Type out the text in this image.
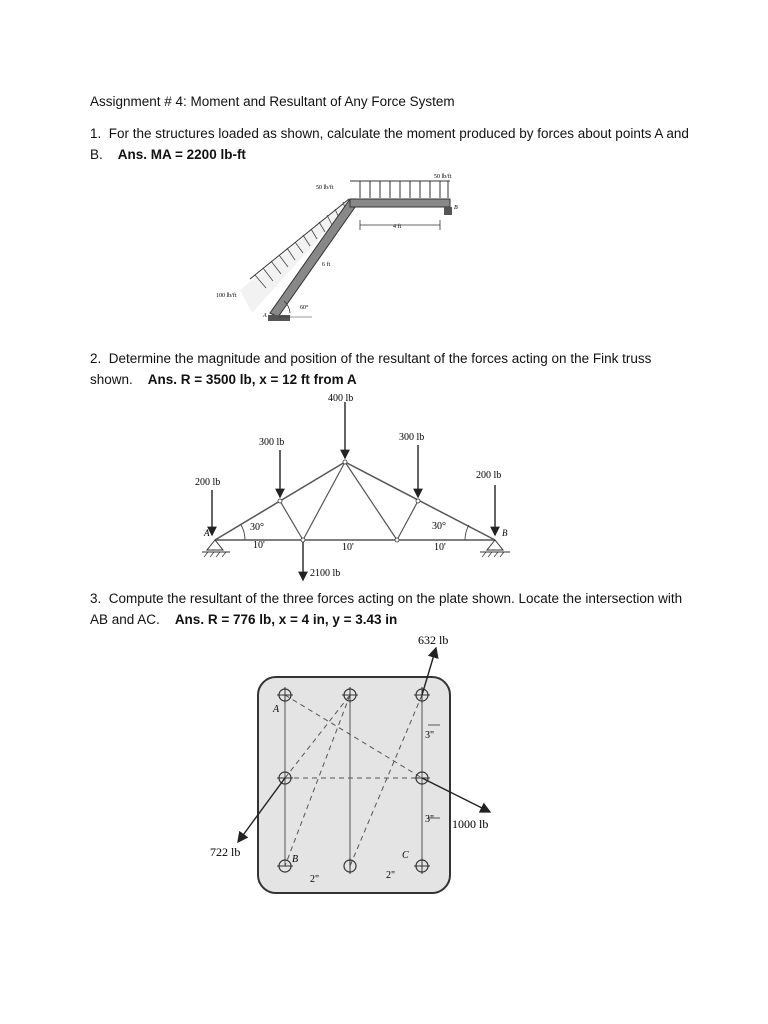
Assignment # 4: Moment and Resultant of Any Force System
1. For the structures loaded as shown, calculate the moment produced by forces about points A and B. Ans. MA = 2200 lb-ft
50 lb/ft
50 lb/ft
100 lb/ft
4 ft
6 ft
60°
A
B
2. Determine the magnitude and position of the resultant of the forces acting on the Fink truss shown. Ans. R = 3500 lb, x = 12 ft from A
400 lb
300 lb	300 lb
200 lb
200 lb
2100 lb
30°	30°
10'	10'	10'
A	B
3. Compute the resultant of the three forces acting on the plate shown. Locate the intersection with AB and AC. Ans. R = 776 lb, x = 4 in, y = 3.43 in
632 lb
1000 lb
722 lb
3"
3"
2"	2"
A
B	C
